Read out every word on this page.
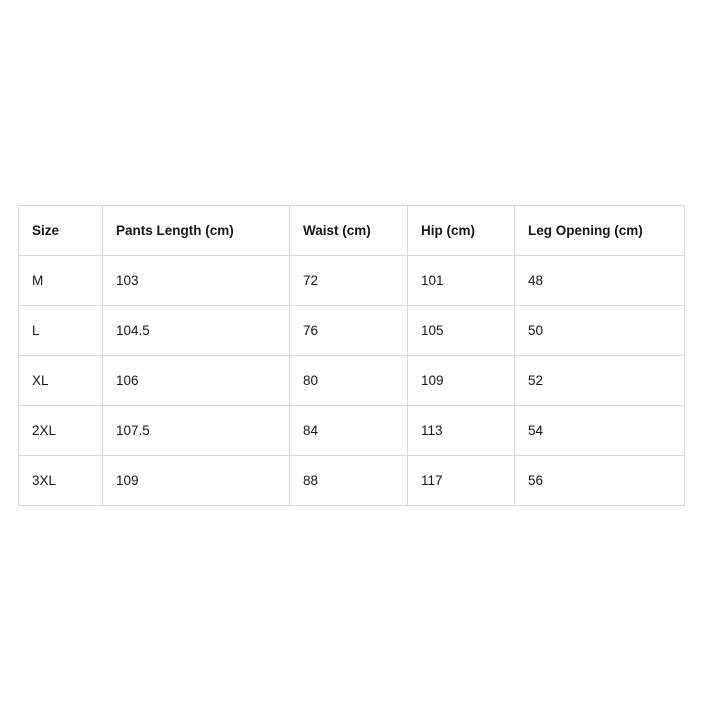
Size	Pants Length (cm)	Waist (cm)	Hip (cm)	Leg Opening (cm)
M	103	72	101	48
L	104.5	76	105	50
XL	106	80	109	52
2XL	107.5	84	113	54
3XL	109	88	117	56
